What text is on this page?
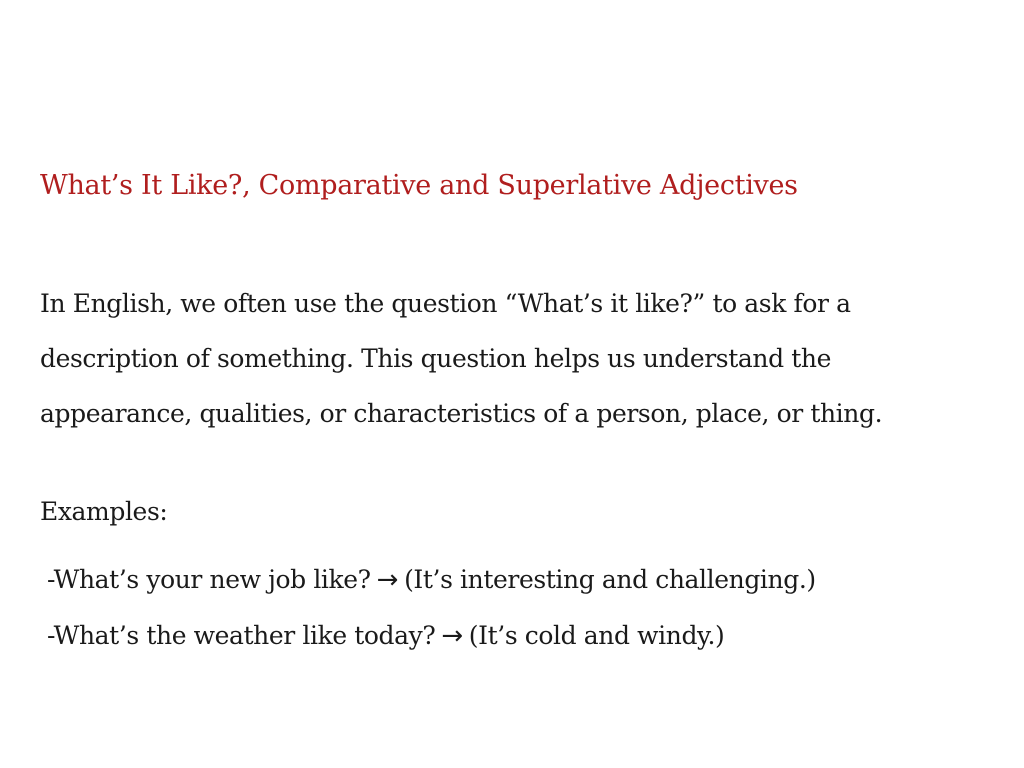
What’s It Like?, Comparative and Superlative Adjectives

In English, we often use the question “What’s it like?” to ask for a
description of something. This question helps us understand the
appearance, qualities, or characteristics of a person, place, or thing.

Examples:
-What’s your new job like? → (It’s interesting and challenging.)
-What’s the weather like today? → (It’s cold and windy.)
